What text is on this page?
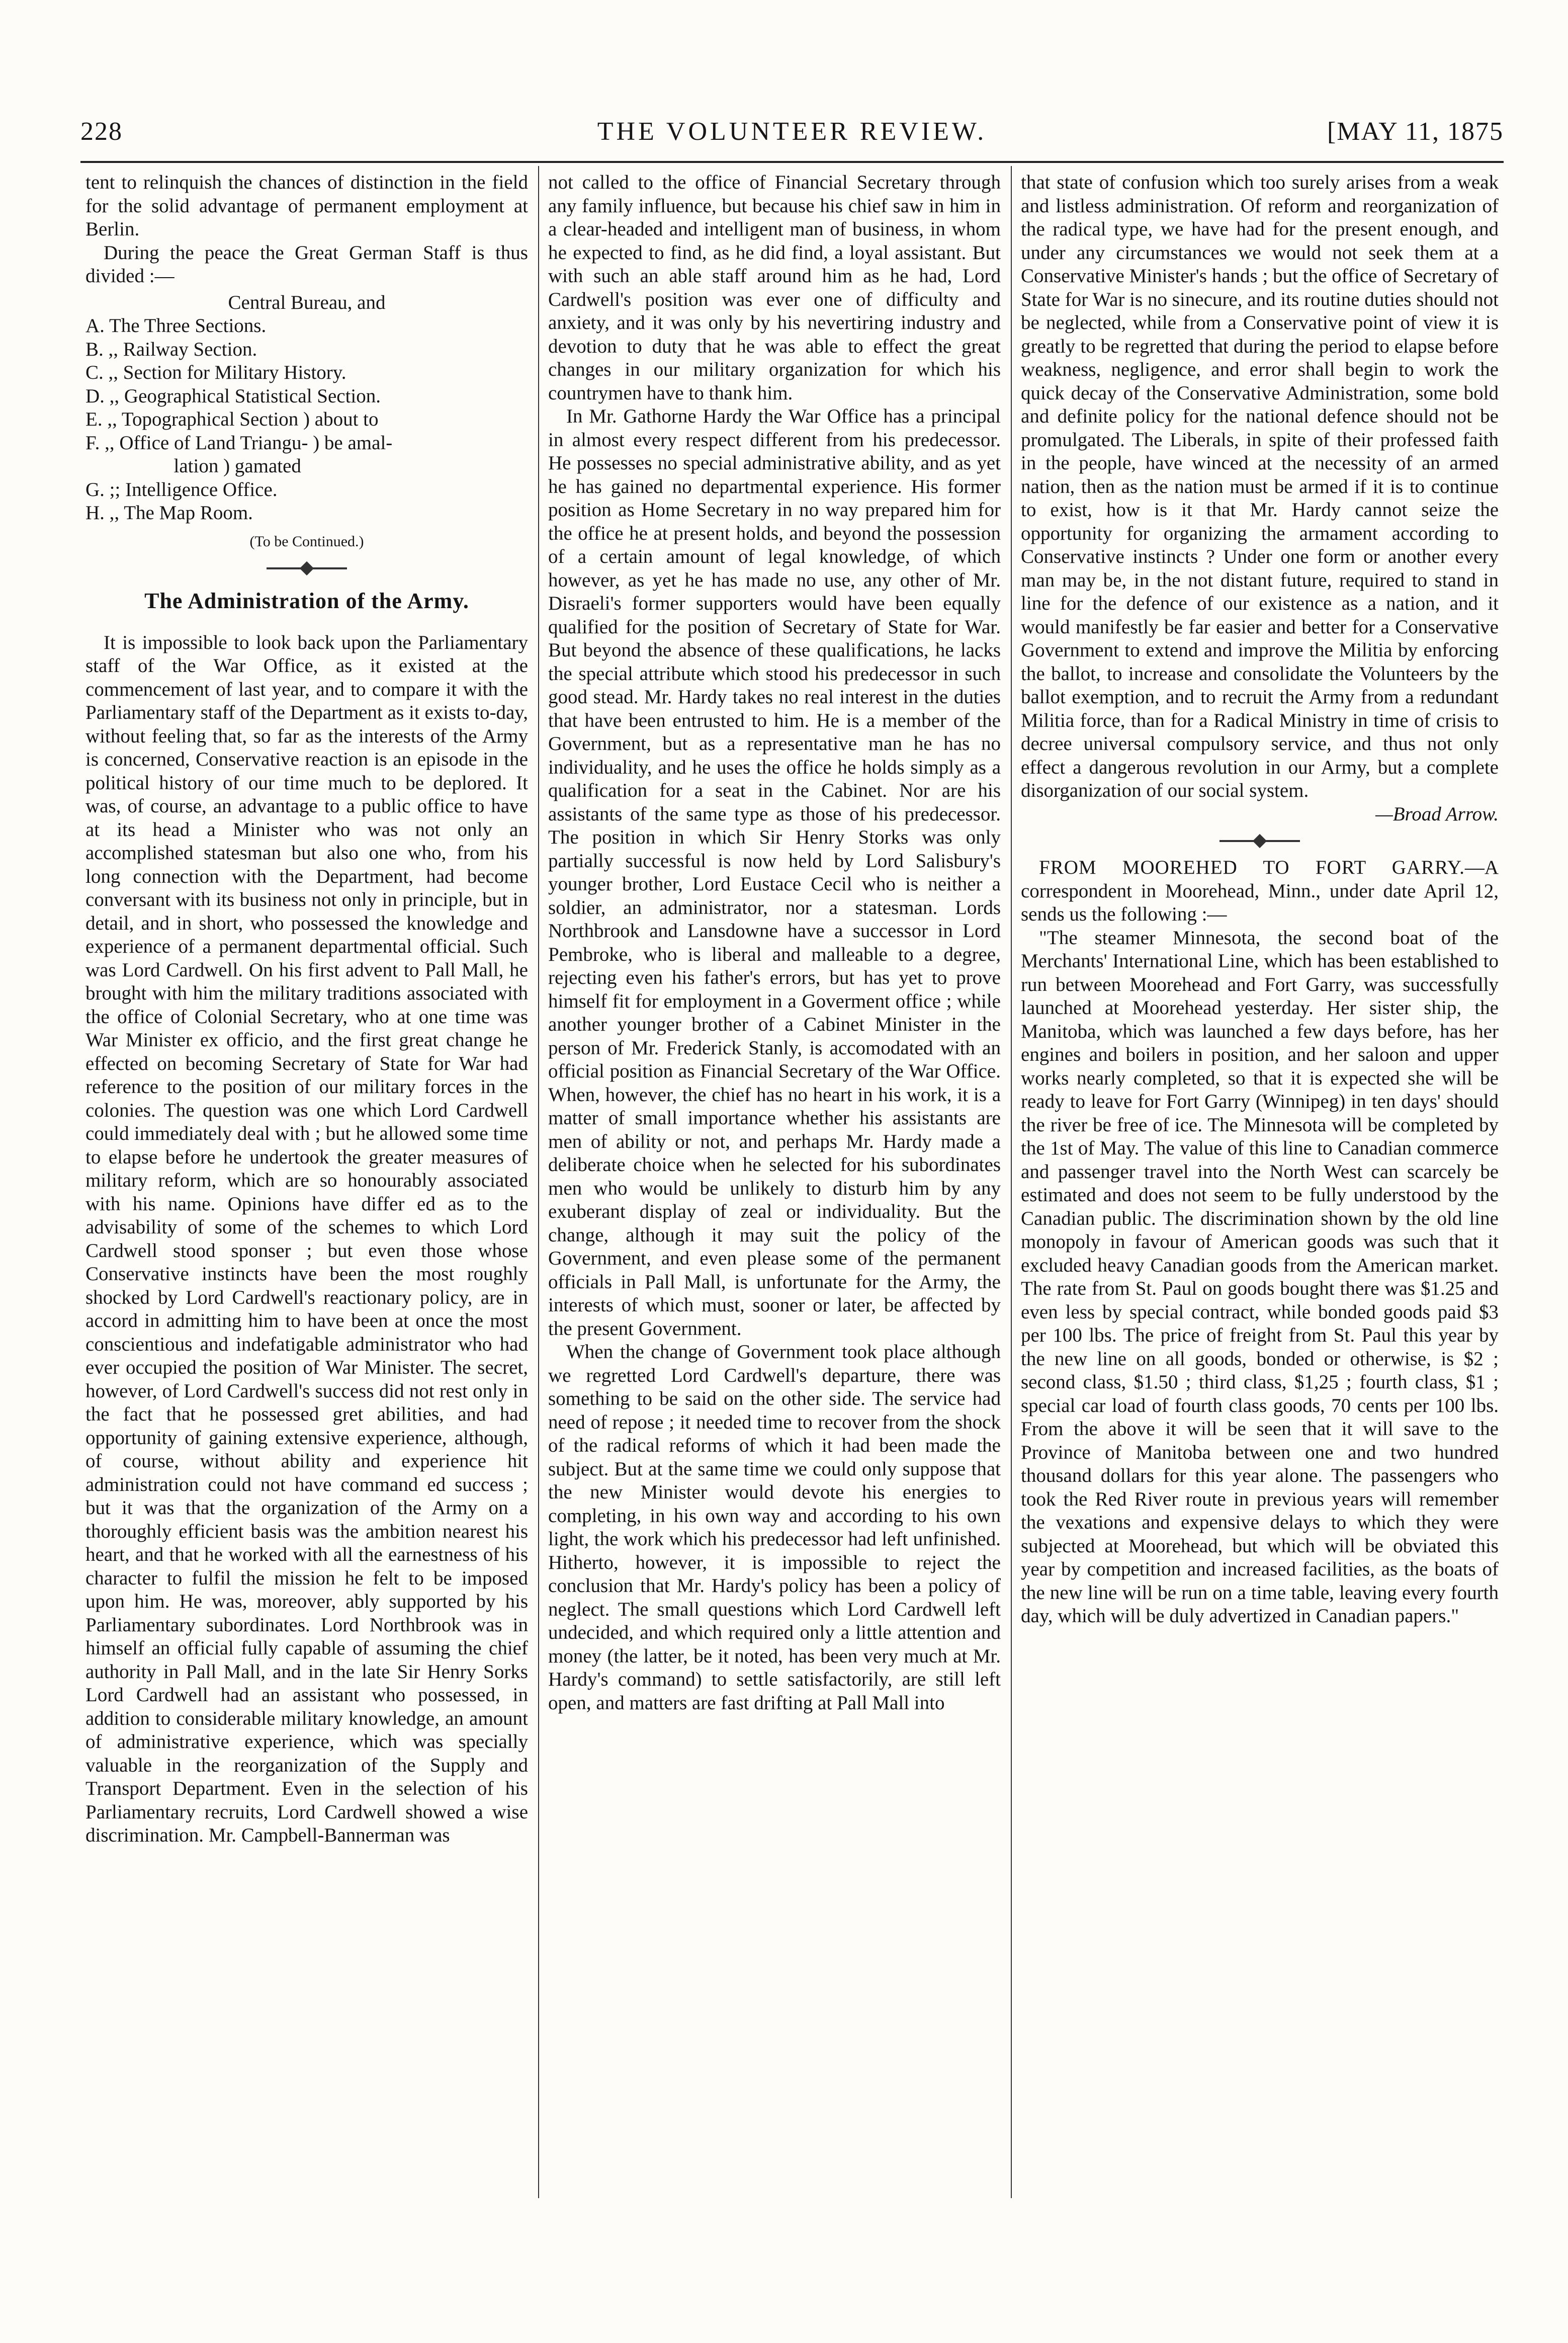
228	THE VOLUNTEER REVIEW.	[MAY 11, 1875

tent to relinquish the chances of distinction in the field for the solid advantage of permanent employment at Berlin.

During the peace the Great German Staff is thus divided :—

Central Bureau, and
A. The Three Sections.
B. ,, Railway Section.
C. ,, Section for Military History.
D. ,, Geographical Statistical Section.
E. ,, Topographical Section ) about to
F. ,, Office of Land Triangu- ) be amal-
lation ) gamated
G. ;; Intelligence Office.
H. ,, The Map Room.
(To be Continued.)
The Administration of the Army.

It is impossible to look back upon the Parliamentary staff of the War Office, as it existed at the commencement of last year, and to compare it with the Parliamentary staff of the Department as it exists to-day, without feeling that, so far as the interests of the Army is concerned, Conservative reaction is an episode in the political history of our time much to be deplored. It was, of course, an advantage to a public office to have at its head a Minister who was not only an accomplished statesman but also one who, from his long connection with the Department, had become conversant with its business not only in principle, but in detail, and in short, who possessed the knowledge and experience of a permanent departmental official. Such was Lord Cardwell. On his first advent to Pall Mall, he brought with him the military traditions associated with the office of Colonial Secretary, who at one time was War Minister ex officio, and the first great change he effected on becoming Secretary of State for War had reference to the position of our military forces in the colonies. The question was one which Lord Cardwell could immediately deal with ; but he allowed some time to elapse before he undertook the greater measures of military reform, which are so honourably associated with his name. Opinions have differ ed as to the advisability of some of the schemes to which Lord Cardwell stood sponser ; but even those whose Conservative instincts have been the most roughly shocked by Lord Cardwell's reactionary policy, are in accord in admitting him to have been at once the most conscientious and indefatigable administrator who had ever occupied the position of War Minister. The secret, however, of Lord Cardwell's success did not rest only in the fact that he possessed gret abilities, and had opportunity of gaining extensive experience, although, of course, without ability and experience hit administration could not have command ed success ; but it was that the organization of the Army on a thoroughly efficient basis was the ambition nearest his heart, and that he worked with all the earnestness of his character to fulfil the mission he felt to be imposed upon him. He was, moreover, ably supported by his Parliamentary subordinates. Lord Northbrook was in himself an official fully capable of assuming the chief authority in Pall Mall, and in the late Sir Henry Sorks Lord Cardwell had an assistant who possessed, in addition to considerable military knowledge, an amount of administrative experience, which was specially valuable in the reorganization of the Supply and Transport Department. Even in the selection of his Parliamentary recruits, Lord Cardwell showed a wise discrimination. Mr. Campbell-Bannerman was

not called to the office of Financial Secretary through any family influence, but because his chief saw in him in a clear-headed and intelligent man of business, in whom he expected to find, as he did find, a loyal assistant. But with such an able staff around him as he had, Lord Cardwell's position was ever one of difficulty and anxiety, and it was only by his nevertiring industry and devotion to duty that he was able to effect the great changes in our military organization for which his countrymen have to thank him.

In Mr. Gathorne Hardy the War Office has a principal in almost every respect different from his predecessor. He possesses no special administrative ability, and as yet he has gained no departmental experience. His former position as Home Secretary in no way prepared him for the office he at present holds, and beyond the possession of a certain amount of legal knowledge, of which however, as yet he has made no use, any other of Mr. Disraeli's former supporters would have been equally qualified for the position of Secretary of State for War. But beyond the absence of these qualifications, he lacks the special attribute which stood his predecessor in such good stead. Mr. Hardy takes no real interest in the duties that have been entrusted to him. He is a member of the Government, but as a representative man he has no individuality, and he uses the office he holds simply as a qualification for a seat in the Cabinet. Nor are his assistants of the same type as those of his predecessor. The position in which Sir Henry Storks was only partially successful is now held by Lord Salisbury's younger brother, Lord Eustace Cecil who is neither a soldier, an administrator, nor a statesman. Lords Northbrook and Lansdowne have a successor in Lord Pembroke, who is liberal and malleable to a degree, rejecting even his father's errors, but has yet to prove himself fit for employment in a Goverment office ; while another younger brother of a Cabinet Minister in the person of Mr. Frederick Stanly, is accomodated with an official position as Financial Secretary of the War Office. When, however, the chief has no heart in his work, it is a matter of small importance whether his assistants are men of ability or not, and perhaps Mr. Hardy made a deliberate choice when he selected for his subordinates men who would be unlikely to disturb him by any exuberant display of zeal or individuality. But the change, although it may suit the policy of the Government, and even please some of the permanent officials in Pall Mall, is unfortunate for the Army, the interests of which must, sooner or later, be affected by the present Government.

When the change of Government took place although we regretted Lord Cardwell's departure, there was something to be said on the other side. The service had need of repose ; it needed time to recover from the shock of the radical reforms of which it had been made the subject. But at the same time we could only suppose that the new Minister would devote his energies to completing, in his own way and according to his own light, the work which his predecessor had left unfinished. Hitherto, however, it is impossible to reject the conclusion that Mr. Hardy's policy has been a policy of neglect. The small questions which Lord Cardwell left undecided, and which required only a little attention and money (the latter, be it noted, has been very much at Mr. Hardy's command) to settle satisfactorily, are still left open, and matters are fast drifting at Pall Mall into

that state of confusion which too surely arises from a weak and listless administration. Of reform and reorganization of the radical type, we have had for the present enough, and under any circumstances we would not seek them at a Conservative Minister's hands ; but the office of Secretary of State for War is no sinecure, and its routine duties should not be neglected, while from a Conservative point of view it is greatly to be regretted that during the period to elapse before weakness, negligence, and error shall begin to work the quick decay of the Conservative Administration, some bold and definite policy for the national defence should not be promulgated. The Liberals, in spite of their professed faith in the people, have winced at the necessity of an armed nation, then as the nation must be armed if it is to continue to exist, how is it that Mr. Hardy cannot seize the opportunity for organizing the armament according to Conservative instincts ? Under one form or another every man may be, in the not distant future, required to stand in line for the defence of our existence as a nation, and it would manifestly be far easier and better for a Conservative Government to extend and improve the Militia by enforcing the ballot, to increase and consolidate the Volunteers by the ballot exemption, and to recruit the Army from a redundant Militia force, than for a Radical Ministry in time of crisis to decree universal compulsory service, and thus not only effect a dangerous revolution in our Army, but a complete disorganization of our social system.

—Broad Arrow.

FROM MOOREHED TO FORT GARRY.—A correspondent in Moorehead, Minn., under date April 12, sends us the following :—

"The steamer Minnesota, the second boat of the Merchants' International Line, which has been established to run between Moorehead and Fort Garry, was successfully launched at Moorehead yesterday. Her sister ship, the Manitoba, which was launched a few days before, has her engines and boilers in position, and her saloon and upper works nearly completed, so that it is expected she will be ready to leave for Fort Garry (Winnipeg) in ten days' should the river be free of ice. The Minnesota will be completed by the 1st of May. The value of this line to Canadian commerce and passenger travel into the North West can scarcely be estimated and does not seem to be fully understood by the Canadian public. The discrimination shown by the old line monopoly in favour of American goods was such that it excluded heavy Canadian goods from the American market. The rate from St. Paul on goods bought there was $1.25 and even less by special contract, while bonded goods paid $3 per 100 lbs. The price of freight from St. Paul this year by the new line on all goods, bonded or otherwise, is $2 ; second class, $1.50 ; third class, $1,25 ; fourth class, $1 ; special car load of fourth class goods, 70 cents per 100 lbs. From the above it will be seen that it will save to the Province of Manitoba between one and two hundred thousand dollars for this year alone. The passengers who took the Red River route in previous years will remember the vexations and expensive delays to which they were subjected at Moorehead, but which will be obviated this year by competition and increased facilities, as the boats of the new line will be run on a time table, leaving every fourth day, which will be duly advertized in Canadian papers."
